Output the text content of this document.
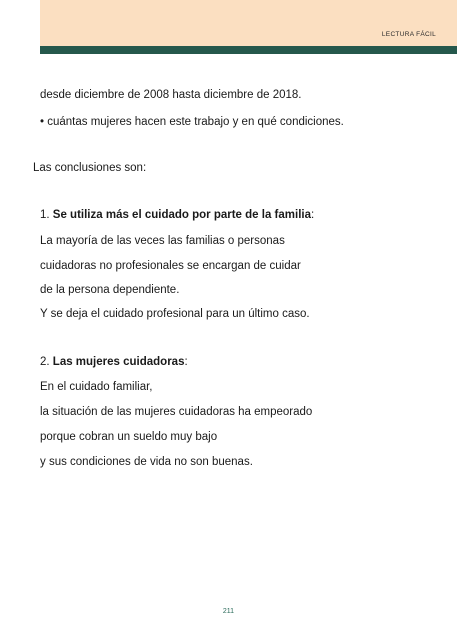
LECTURA FÁCIL
desde diciembre de 2008 hasta diciembre de 2018.
• cuántas mujeres hacen este trabajo y en qué condiciones.
Las conclusiones son:
1. Se utiliza más el cuidado por parte de la familia:
La mayoría de las veces las familias o personas
cuidadoras no profesionales se encargan de cuidar
de la persona dependiente.
Y se deja el cuidado profesional para un último caso.
2. Las mujeres cuidadoras:
En el cuidado familiar,
la situación de las mujeres cuidadoras ha empeorado
porque cobran un sueldo muy bajo
y sus condiciones de vida no son buenas.
211
